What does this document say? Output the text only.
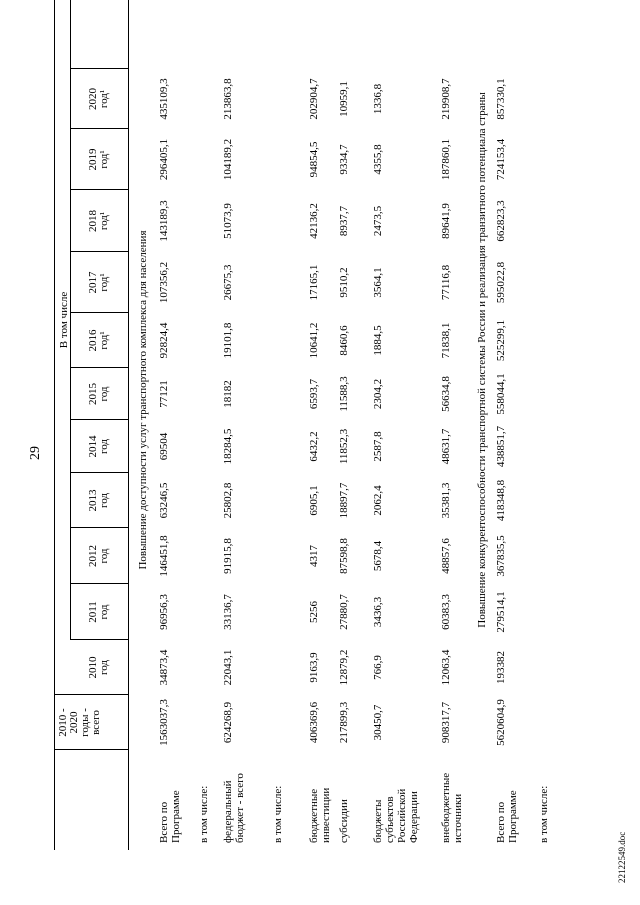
29
2010 -
2020
годы -
всего
В том числе
2010
год
2011
год
2012
год
2013
год
2014
год
2015
год
2016
год¹
2017
год¹
2018
год¹
2019
год¹
2020
год¹
Повышение доступности услуг транспортного комплекса для населения
Всего по Программе
1563037,3
34873,4
96956,3
146451,8
63246,5
69504
77121
92824,4
107356,2
143189,3
296405,1
435109,3
в том числе: федеральный бюджет - всего
624268,9
22043,1
33136,7
91915,8
25802,8
18284,5
18182
19101,8
26675,3
51073,9
104189,2
213863,8
в том числе: бюджетные инвестиции
406369,6
9163,9
5256
4317
6905,1
6432,2
6593,7
10641,2
17165,1
42136,2
94854,5
202904,7
субсидии
217899,3
12879,2
27880,7
87598,8
18897,7
11852,3
11588,3
8460,6
9510,2
8937,7
9334,7
10959,1
бюджеты субъектов Российской Федерации
30450,7
766,9
3436,3
5678,4
2062,4
2587,8
2304,2
1884,5
3564,1
2473,5
4355,8
1336,8
внебюджетные источники
908317,7
12063,4
60383,3
48857,6
35381,3
48631,7
56634,8
71838,1
77116,8
89641,9
187860,1
219908,7 Повышение конкурентоспособности транспортной системы России и реализация транзитного потенциала страны
Всего по Программе
5620604,9
193382
279514,1
367835,5
418348,8
438851,7
558044,1
525299,1
595022,8
662823,3
724153,4
857330,1
в том числе:
22122549.doc
